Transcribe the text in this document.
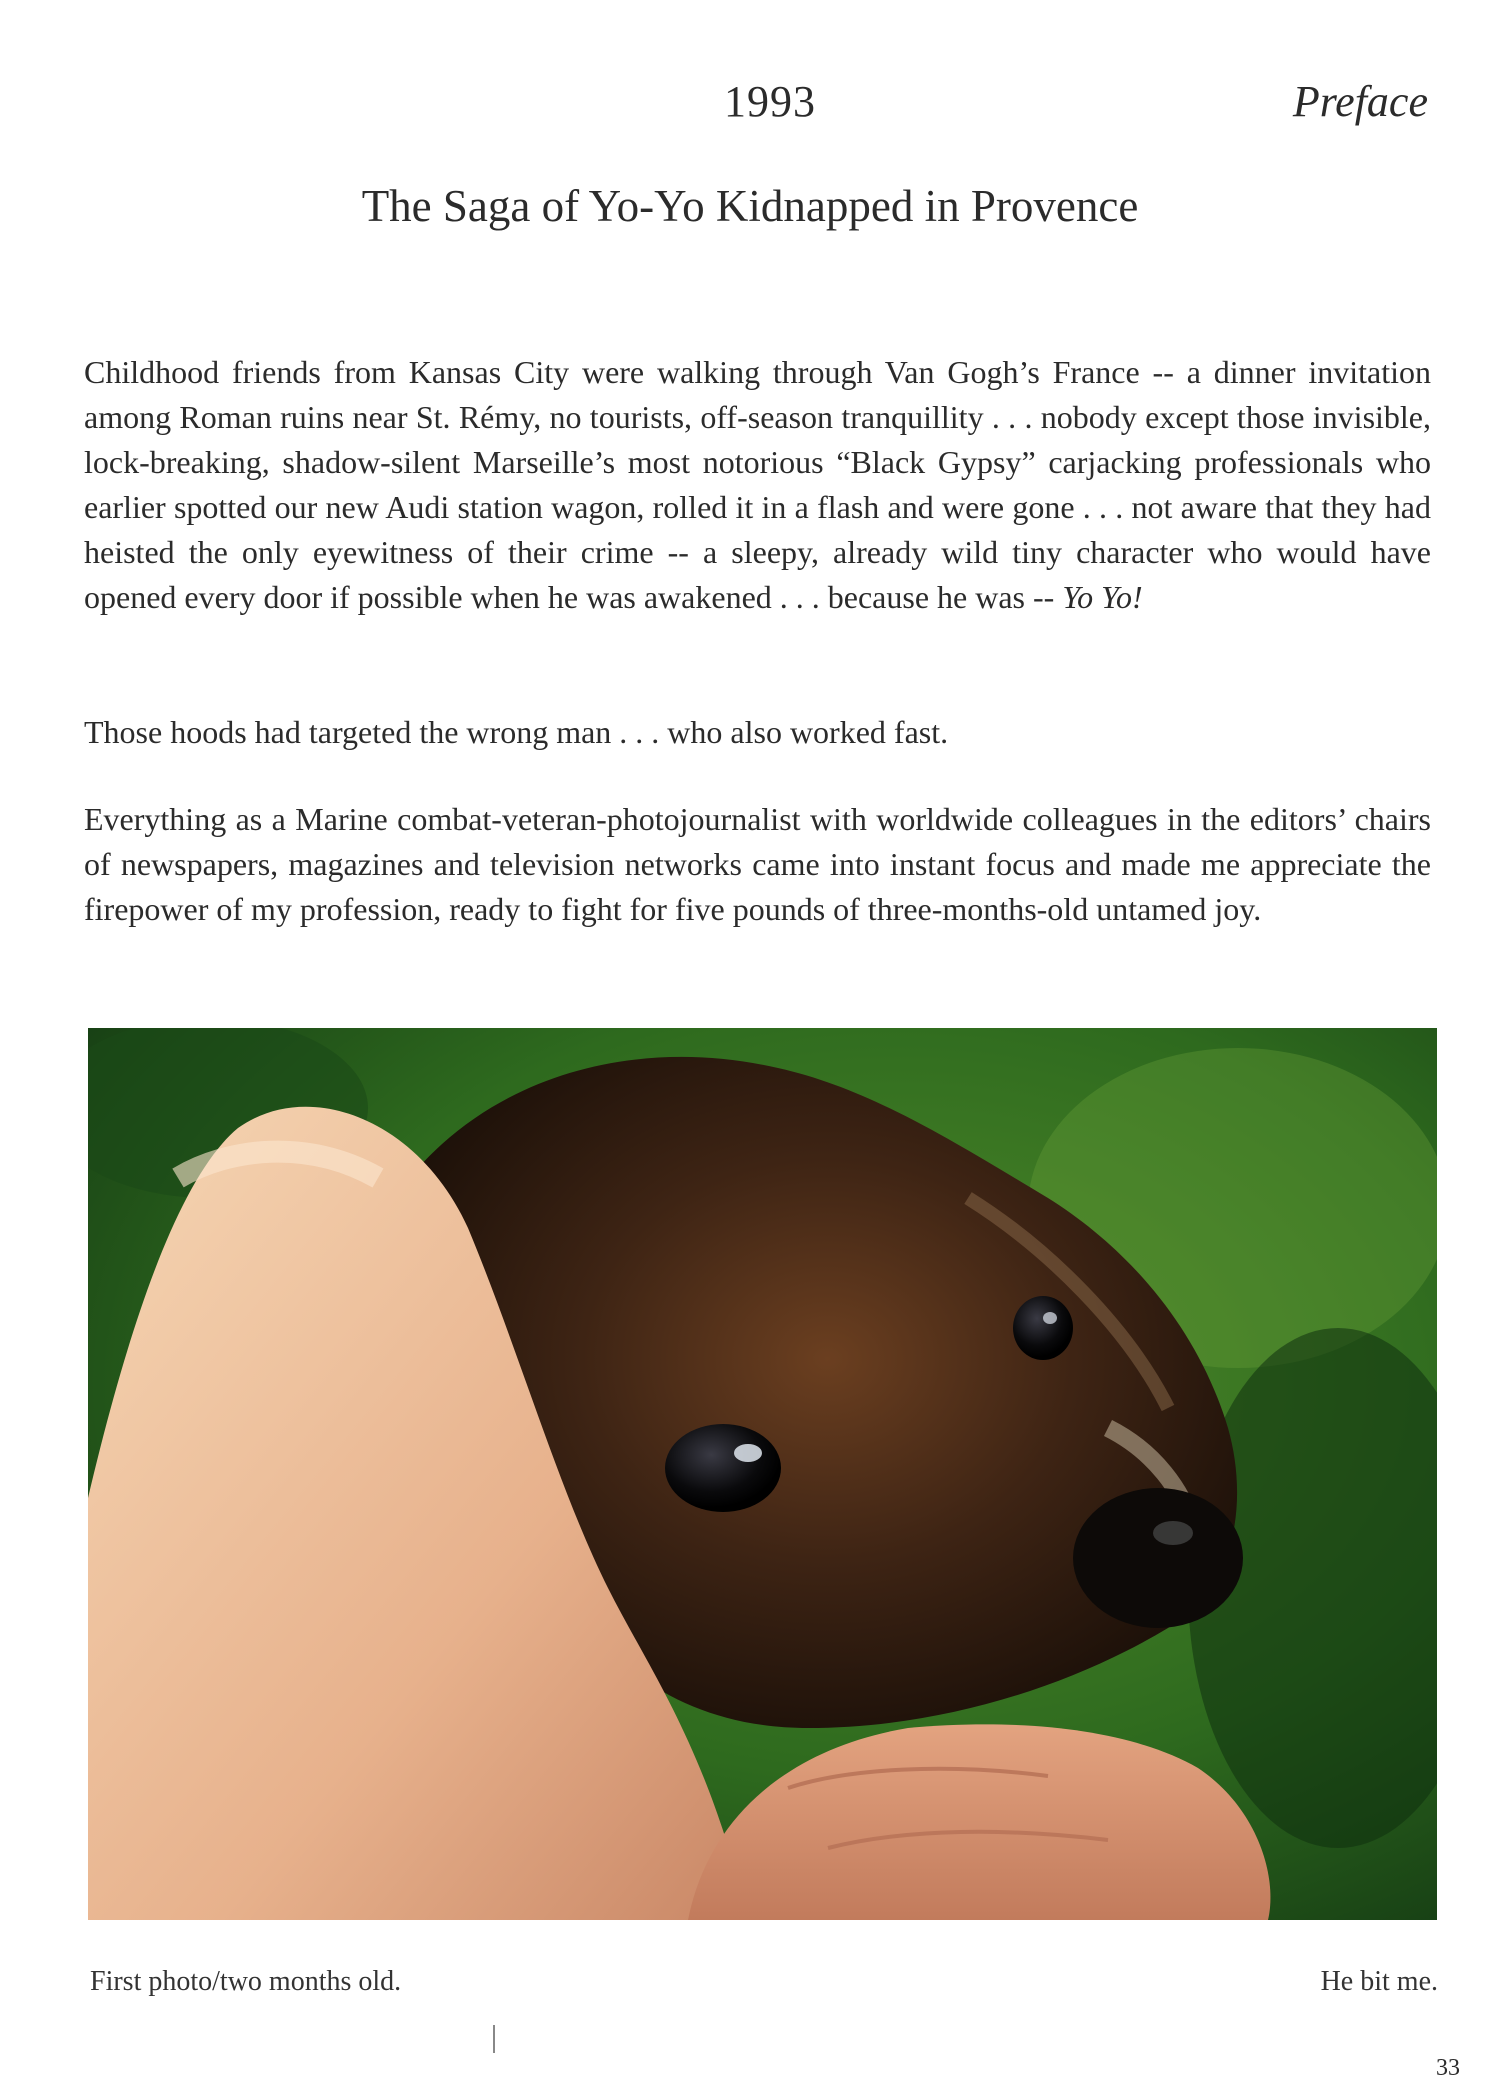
1993	Preface
The Saga of Yo-Yo Kidnapped in Provence

Childhood friends from Kansas City were walking through Van Gogh’s France -- a dinner invitation among Roman ruins near St. Rémy, no tourists, off-season tranquillity . . . nobody except those invisible, lock-breaking, shadow-silent Marseille’s most notorious “Black Gypsy” carjacking professionals who earlier spotted our new Audi station wagon, rolled it in a flash and were gone . . . not aware that they had heisted the only eyewitness of their crime -- a sleepy, already wild tiny character who would have opened every door if possible when he was awakened . . . because he was -- Yo Yo!

Those hoods had targeted the wrong man . . . who also worked fast.

Everything as a Marine combat-veteran-photojournalist with worldwide colleagues in the editors’ chairs of newspapers, magazines and television networks came into instant focus and made me appreciate the firepower of my profession, ready to fight for five pounds of three-months-old untamed joy.

First photo/two months old.	He bit me.
33
